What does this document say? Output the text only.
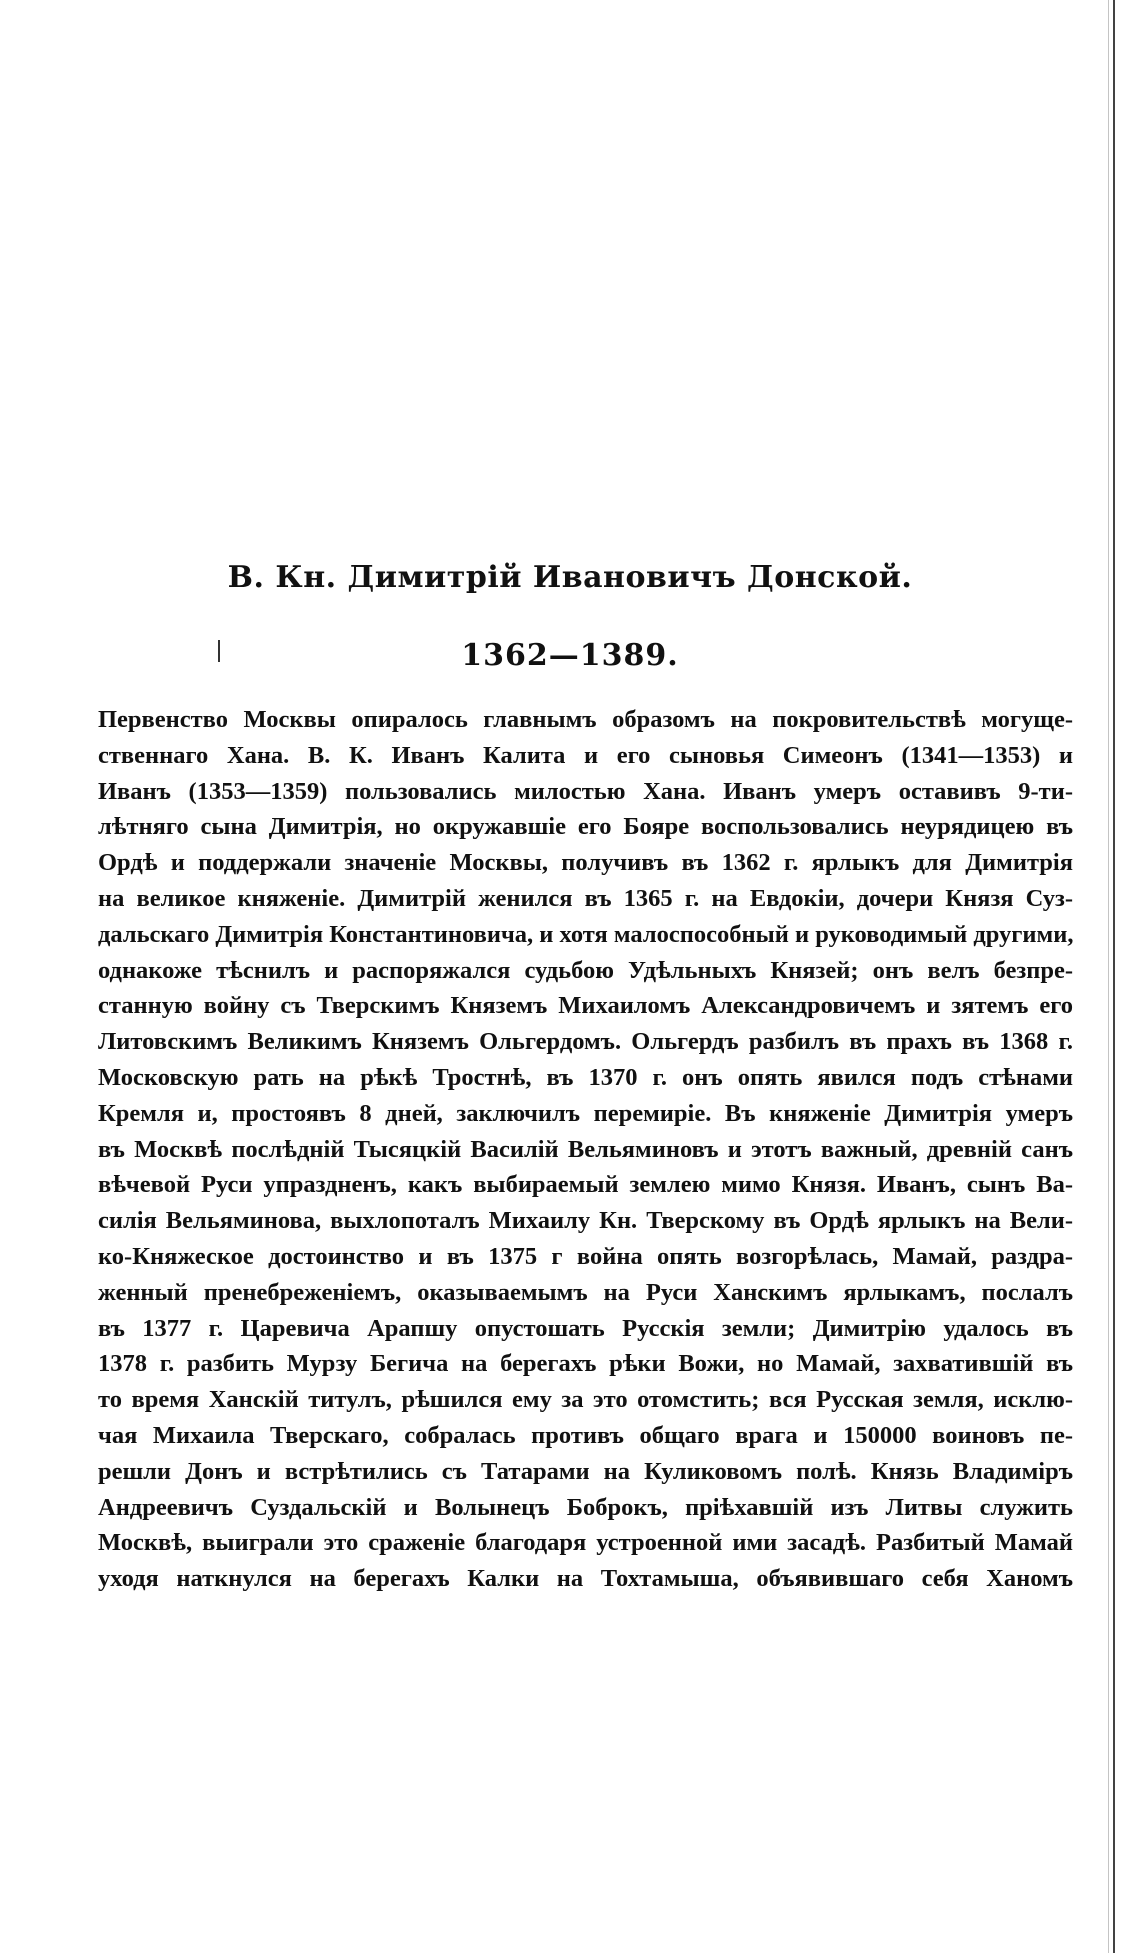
В. Кн. Димитрій Ивановичъ Донской.
1362—1389.
Первенство Москвы опиралось главнымъ образомъ на покровительствѣ могуще-
ственнаго Хана. В. К. Иванъ Калита и его сыновья Симеонъ (1341—1353) и
Иванъ (1353—1359) пользовались милостью Хана. Иванъ умеръ оставивъ 9-ти-
лѣтняго сына Димитрія, но окружавшіе его Бояре воспользовались неурядицею въ
Ордѣ и поддержали значеніе Москвы, получивъ въ 1362 г. ярлыкъ для Димитрія
на великое княженіе. Димитрій женился въ 1365 г. на Евдокіи, дочери Князя Суз-
дальскаго Димитрія Константиновича, и хотя малоспособный и руководимый другими,
однакоже тѣснилъ и распоряжался судьбою Удѣльныхъ Князей; онъ велъ безпре-
станную войну съ Тверскимъ Княземъ Михаиломъ Александровичемъ и зятемъ его
Литовскимъ Великимъ Княземъ Ольгердомъ. Ольгердъ разбилъ въ прахъ въ 1368 г.
Московскую рать на рѣкѣ Тростнѣ, въ 1370 г. онъ опять явился подъ стѣнами
Кремля и, простоявъ 8 дней, заключилъ перемиріе. Въ княженіе Димитрія умеръ
въ Москвѣ послѣдній Тысяцкій Василій Вельяминовъ и этотъ важный, древній санъ
вѣчевой Руси упраздненъ, какъ выбираемый землею мимо Князя. Иванъ, сынъ Ва-
силія Вельяминова, выхлопоталъ Михаилу Кн. Тверскому въ Ордѣ ярлыкъ на Вели-
ко-Княжеское достоинство и въ 1375 г война опять возгорѣлась, Мамай, раздра-
женный пренебреженіемъ, оказываемымъ на Руси Ханскимъ ярлыкамъ, послалъ
въ 1377 г. Царевича Арапшу опустошать Русскія земли; Димитрію удалось въ
1378 г. разбить Мурзу Бегича на берегахъ рѣки Вожи, но Мамай, захватившій въ
то время Ханскій титулъ, рѣшился ему за это отомстить; вся Русская земля, исклю-
чая Михаила Тверскаго, собралась противъ общаго врага и 150000 воиновъ пе-
решли Донъ и встрѣтились съ Татарами на Куликовомъ полѣ. Князь Владиміръ
Андреевичъ Суздальскій и Волынецъ Боброкъ, пріѣхавшій изъ Литвы служить
Москвѣ, выиграли это сраженіе благодаря устроенной ими засадѣ. Разбитый Мамай
уходя наткнулся на берегахъ Калки на Тохтамыша, объявившаго себя Ханомъ
